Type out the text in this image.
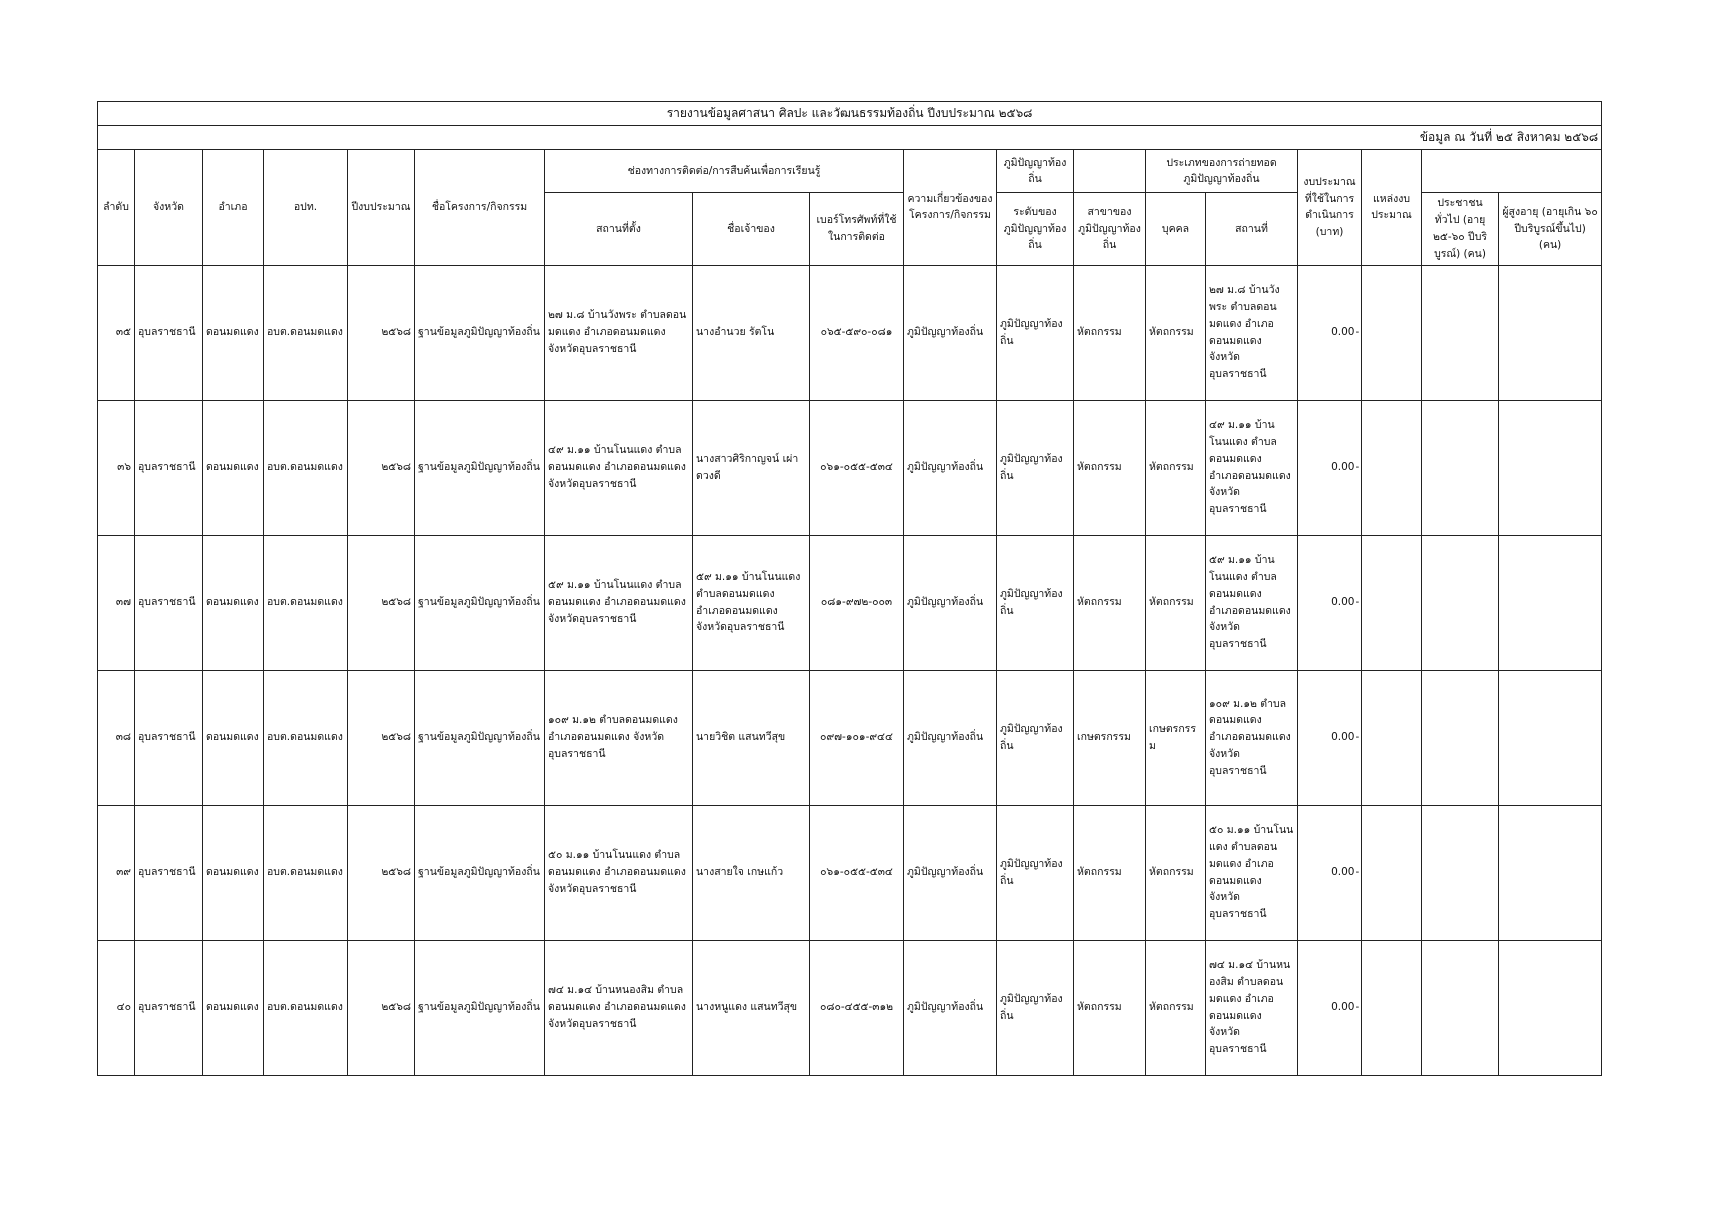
รายงานข้อมูลศาสนา ศิลปะ และวัฒนธรรมท้องถิ่น ปีงบประมาณ ๒๕๖๘																		
ข้อมูล ณ วันที่ ๒๕ สิงหาคม ๒๕๖๘																		
ลำดับ	จังหวัด	อำเภอ	อปท.	ปีงบประมาณ	ชื่อโครงการ/กิจกรรม	ช่องทางการติดต่อ/การสืบค้นเพื่อการเรียนรู้			ความเกี่ยวข้องของโครงการ/กิจกรรม	ภูมิปัญญาท้องถิ่น		ประเภทของการถ่ายทอดภูมิปัญญาท้องถิ่น		งบประมาณที่ใช้ในการดำเนินการ (บาท)		แหล่งงบประมาณ		
						สถานที่ตั้ง	ชื่อเจ้าของ	เบอร์โทรศัพท์ที่ใช้ในการติดต่อ		ระดับของภูมิปัญญาท้องถิ่น	สาขาของภูมิปัญญาท้องถิ่น	บุคคล	สถานที่				ประชาชนทั่วไป (อายุ ๒๕-๖๐ ปีบริบูรณ์) (คน)	ผู้สูงอายุ (อายุเกิน ๖๐ ปีบริบูรณ์ขึ้นไป) (คน)
๓๕	อุบลราชธานี	ดอนมดแดง	อบต.ดอนมดแดง	๒๕๖๘	ฐานข้อมูลภูมิปัญญาท้องถิ่น	๒๗ ม.๘ บ้านวังพระ ตำบลดอนมดแดง อำเภอดอนมดแดง จังหวัดอุบลราชธานี	นางอำนวย รัตโน	๐๖๕-๕๙๐-๐๘๑	ภูมิปัญญาท้องถิ่น	ภูมิปัญญาท้องถิ่น	หัตถกรรม	หัตถกรรม	๒๗ ม.๘ บ้านวังพระ ตำบลดอนมดแดง อำเภอดอนมดแดง จังหวัดอุบลราชธานี	0.00	-			
๓๖	อุบลราชธานี	ดอนมดแดง	อบต.ดอนมดแดง	๒๕๖๘	ฐานข้อมูลภูมิปัญญาท้องถิ่น	๔๙ ม.๑๑ บ้านโนนแดง ตำบลดอนมดแดง อำเภอดอนมดแดง จังหวัดอุบลราชธานี	นางสาวศิริกาญจน์ เผ่าดวงดี	๐๖๑-๐๕๕-๕๓๔	ภูมิปัญญาท้องถิ่น	ภูมิปัญญาท้องถิ่น	หัตถกรรม	หัตถกรรม	๔๙ ม.๑๑ บ้านโนนแดง ตำบลดอนมดแดง อำเภอดอนมดแดง จังหวัดอุบลราชธานี	0.00	-			
๓๗	อุบลราชธานี	ดอนมดแดง	อบต.ดอนมดแดง	๒๕๖๘	ฐานข้อมูลภูมิปัญญาท้องถิ่น	๕๙ ม.๑๑ บ้านโนนแดง ตำบลดอนมดแดง อำเภอดอนมดแดง จังหวัดอุบลราชธานี	๕๙ ม.๑๑ บ้านโนนแดง ตำบลดอนมดแดง อำเภอดอนมดแดง จังหวัดอุบลราชธานี	๐๘๑-๙๗๒-๐๐๓	ภูมิปัญญาท้องถิ่น	ภูมิปัญญาท้องถิ่น	หัตถกรรม	หัตถกรรม	๕๙ ม.๑๑ บ้านโนนแดง ตำบลดอนมดแดง อำเภอดอนมดแดง จังหวัดอุบลราชธานี	0.00	-			
๓๘	อุบลราชธานี	ดอนมดแดง	อบต.ดอนมดแดง	๒๕๖๘	ฐานข้อมูลภูมิปัญญาท้องถิ่น	๑๐๙ ม.๑๒ ตำบลดอนมดแดง อำเภอดอนมดแดง จังหวัดอุบลราชธานี	นายวิชิต แสนทวีสุข	๐๙๗-๑๐๑-๙๔๔	ภูมิปัญญาท้องถิ่น	ภูมิปัญญาท้องถิ่น	เกษตรกรรม	เกษตรกรรม	๑๐๙ ม.๑๒ ตำบลดอนมดแดง อำเภอดอนมดแดง จังหวัดอุบลราชธานี	0.00	-			
๓๙	อุบลราชธานี	ดอนมดแดง	อบต.ดอนมดแดง	๒๕๖๘	ฐานข้อมูลภูมิปัญญาท้องถิ่น	๕๐ ม.๑๑ บ้านโนนแดง ตำบลดอนมดแดง อำเภอดอนมดแดง จังหวัดอุบลราชธานี	นางสายใจ เกษแก้ว	๐๖๑-๐๕๕-๕๓๔	ภูมิปัญญาท้องถิ่น	ภูมิปัญญาท้องถิ่น	หัตถกรรม	หัตถกรรม	๕๐ ม.๑๑ บ้านโนนแดง ตำบลดอนมดแดง อำเภอดอนมดแดง จังหวัดอุบลราชธานี	0.00	-			
๔๐	อุบลราชธานี	ดอนมดแดง	อบต.ดอนมดแดง	๒๕๖๘	ฐานข้อมูลภูมิปัญญาท้องถิ่น	๗๔ ม.๑๔ บ้านหนองสิม ตำบลดอนมดแดง อำเภอดอนมดแดง จังหวัดอุบลราชธานี	นางหนูแดง แสนทวีสุข	๐๘๐-๔๕๕-๓๑๒	ภูมิปัญญาท้องถิ่น	ภูมิปัญญาท้องถิ่น	หัตถกรรม	หัตถกรรม	๗๔ ม.๑๔ บ้านหนองสิม ตำบลดอนมดแดง อำเภอดอนมดแดง จังหวัดอุบลราชธานี	0.00	-			
